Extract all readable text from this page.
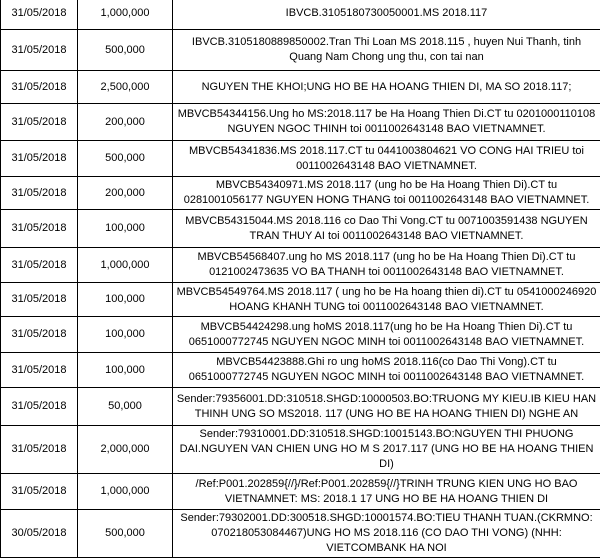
31/05/2018	1,000,000	IBVCB.3105180730050001.MS 2018.117
31/05/2018	500,000	IBVCB.3105180889850002.Tran Thi Loan MS 2018.115 , huyen Nui Thanh, tinh Quang Nam Chong ung thu, con tai nan
31/05/2018	2,500,000	NGUYEN THE KHOI;UNG HO BE HA HOANG THIEN DI, MA SO 2018.117;
31/05/2018	200,000	MBVCB54344156.Ung ho MS:2018.117 be Ha Hoang Thien Di.CT tu 0201000110108 NGUYEN NGOC THINH toi 0011002643148 BAO VIETNAMNET.
31/05/2018	500,000	MBVCB54341836.MS 2018.117.CT tu 0441003804621 VO CONG HAI TRIEU toi 0011002643148 BAO VIETNAMNET.
31/05/2018	200,000	MBVCB54340971.MS 2018.117 (ung ho be Ha Hoang Thien Di).CT tu 0281001056177 NGUYEN HONG THANG toi 0011002643148 BAO VIETNAMNET.
31/05/2018	100,000	MBVCB54315044.MS 2018.116 co Dao Thi Vong.CT tu 0071003591438 NGUYEN TRAN THUY AI toi 0011002643148 BAO VIETNAMNET.
31/05/2018	1,000,000	MBVCB54568407.ung ho MS 2018.117 (ung ho be Ha Hoang Thien Di).CT tu 0121002473635 VO BA THANH toi 0011002643148 BAO VIETNAMNET.
31/05/2018	100,000	MBVCB54549764.MS 2018.117 ( ung ho be Ha hoang thien di).CT tu 0541000246920 HOANG KHANH TUNG toi 0011002643148 BAO VIETNAMNET.
31/05/2018	100,000	MBVCB54424298.ung hoMS 2018.117(ung ho be Ha Hoang Thien Di).CT tu 0651000772745 NGUYEN NGOC MINH toi 0011002643148 BAO VIETNAMNET.
31/05/2018	100,000	MBVCB54423888.Ghi ro ung hoMS 2018.116(co Dao Thi Vong).CT tu 0651000772745 NGUYEN NGOC MINH toi 0011002643148 BAO VIETNAMNET.
31/05/2018	50,000	Sender:79356001.DD:310518.SHGD:10000503.BO:TRUONG MY KIEU.IB KIEU HAN THINH UNG SO MS2018. 117 (UNG HO BE HA HOANG THIEN DI) NGHE AN
31/05/2018	2,000,000	Sender:79310001.DD:310518.SHGD:10015143.BO:NGUYEN THI PHUONG DAI.NGUYEN VAN CHIEN UNG HO M S 2017.117 (UNG HO BE HA HOANG THIEN DI)
31/05/2018	1,000,000	/Ref:P001.202859{//}/Ref:P001.202859{//}TRINH TRUNG KIEN UNG HO BAO VIETNAMNET: MS: 2018.1 17 UNG HO BE HA HOANG THIEN DI
30/05/2018	500,000	Sender:79302001.DD:300518.SHGD:10001574.BO:TIEU THANH TUAN.(CKRMNO: 070218053084467)UNG HO MS 2018.116 (CO DAO THI VONG) (NHH: VIETCOMBANK HA NOI
